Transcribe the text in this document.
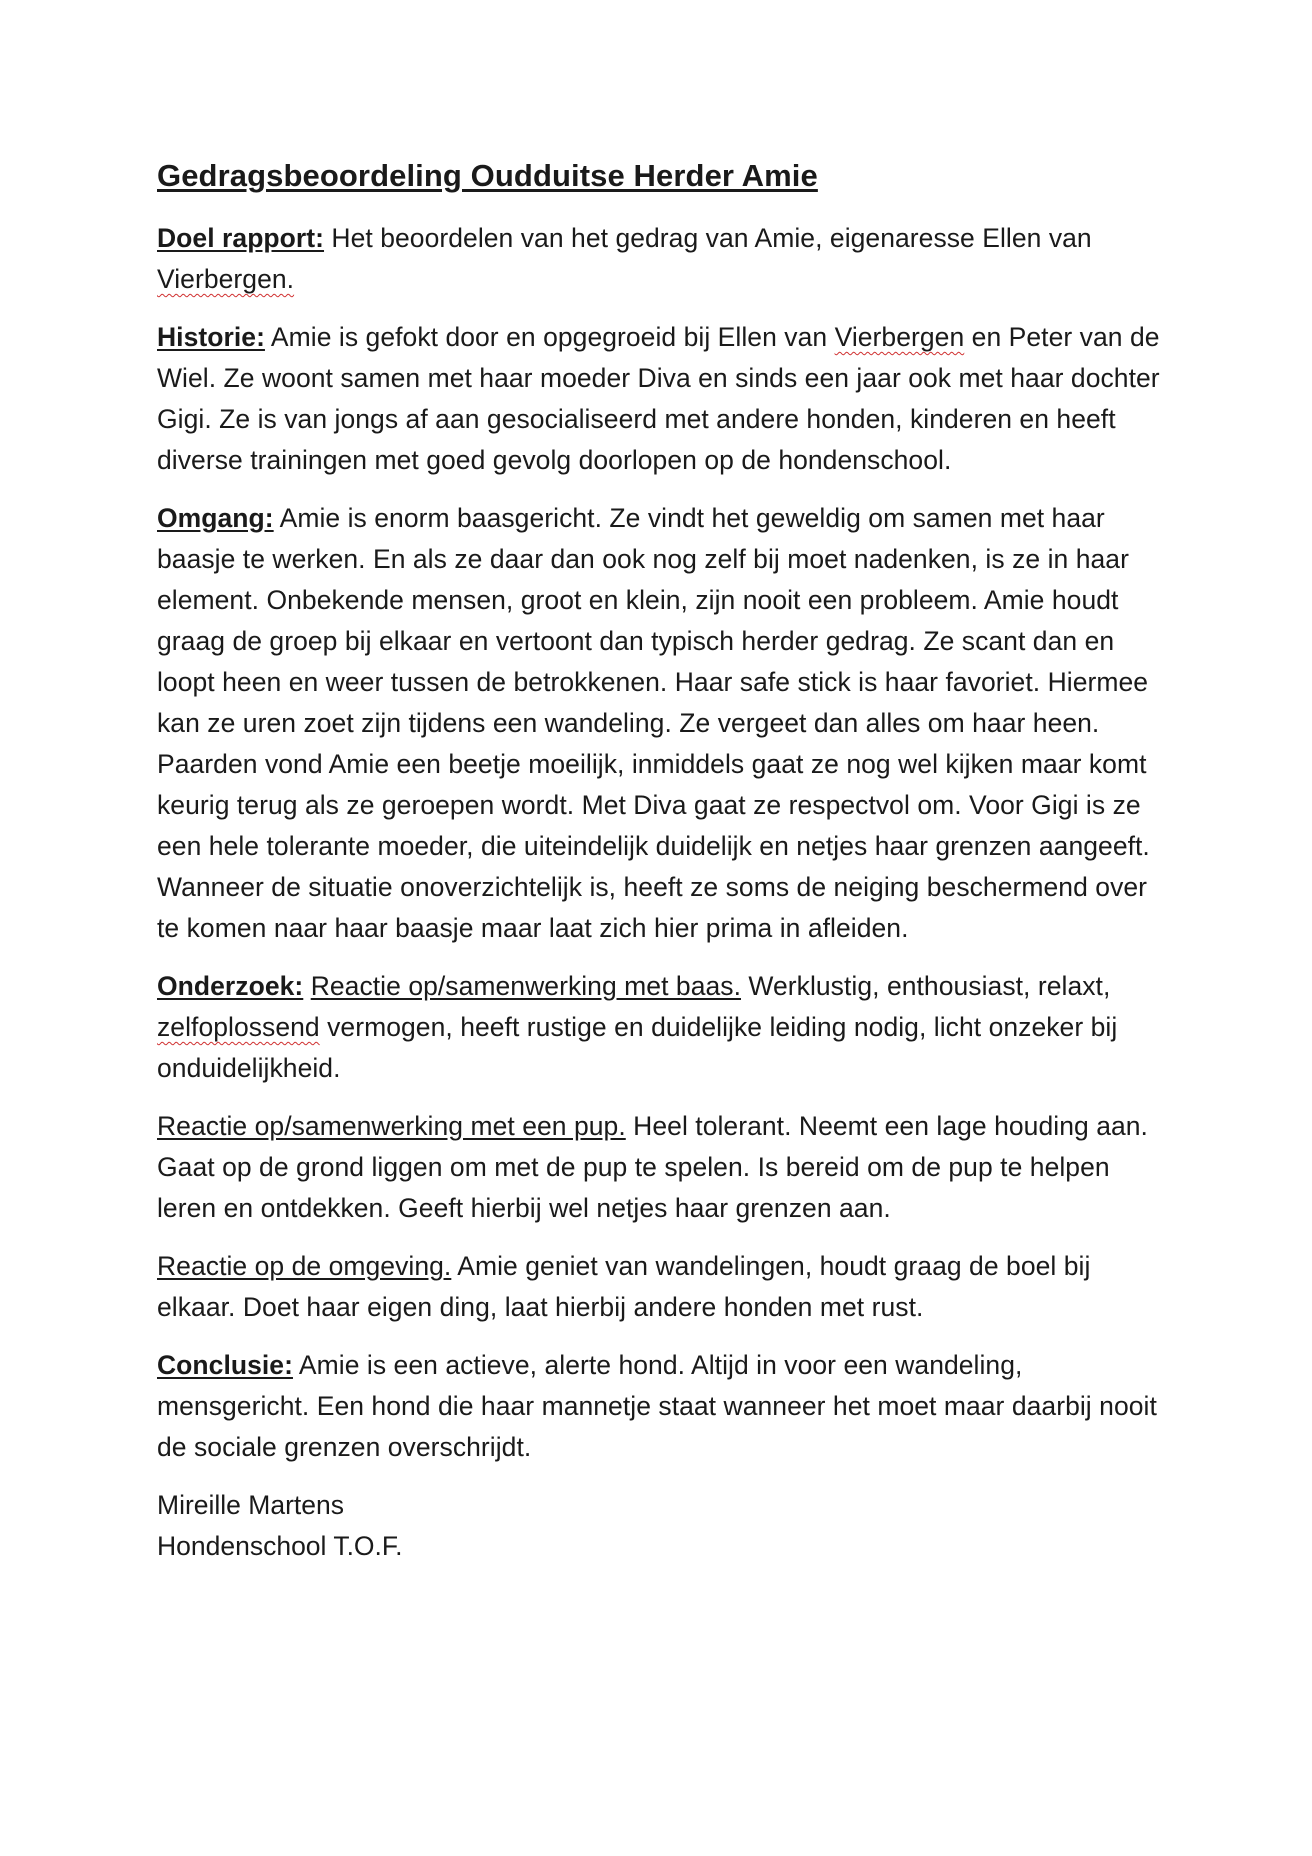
Gedragsbeoordeling Oudduitse Herder Amie

Doel rapport: Het beoordelen van het gedrag van Amie, eigenaresse Ellen van Vierbergen.

Historie: Amie is gefokt door en opgegroeid bij Ellen van Vierbergen en Peter van de Wiel. Ze woont samen met haar moeder Diva en sinds een jaar ook met haar dochter Gigi. Ze is van jongs af aan gesocialiseerd met andere honden, kinderen en heeft diverse trainingen met goed gevolg doorlopen op de hondenschool.

Omgang: Amie is enorm baasgericht. Ze vindt het geweldig om samen met haar baasje te werken. En als ze daar dan ook nog zelf bij moet nadenken, is ze in haar element. Onbekende mensen, groot en klein, zijn nooit een probleem. Amie houdt graag de groep bij elkaar en vertoont dan typisch herder gedrag. Ze scant dan en loopt heen en weer tussen de betrokkenen. Haar safe stick is haar favoriet. Hiermee kan ze uren zoet zijn tijdens een wandeling. Ze vergeet dan alles om haar heen. Paarden vond Amie een beetje moeilijk, inmiddels gaat ze nog wel kijken maar komt keurig terug als ze geroepen wordt. Met Diva gaat ze respectvol om. Voor Gigi is ze een hele tolerante moeder, die uiteindelijk duidelijk en netjes haar grenzen aangeeft. Wanneer de situatie onoverzichtelijk is, heeft ze soms de neiging beschermend over te komen naar haar baasje maar laat zich hier prima in afleiden.

Onderzoek: Reactie op/samenwerking met baas. Werklustig, enthousiast, relaxt, zelfoplossend vermogen, heeft rustige en duidelijke leiding nodig, licht onzeker bij onduidelijkheid.

Reactie op/samenwerking met een pup. Heel tolerant. Neemt een lage houding aan. Gaat op de grond liggen om met de pup te spelen. Is bereid om de pup te helpen leren en ontdekken. Geeft hierbij wel netjes haar grenzen aan.

Reactie op de omgeving. Amie geniet van wandelingen, houdt graag de boel bij elkaar. Doet haar eigen ding, laat hierbij andere honden met rust.

Conclusie: Amie is een actieve, alerte hond. Altijd in voor een wandeling, mensgericht. Een hond die haar mannetje staat wanneer het moet maar daarbij nooit de sociale grenzen overschrijdt.

Mireille Martens
Hondenschool T.O.F.
